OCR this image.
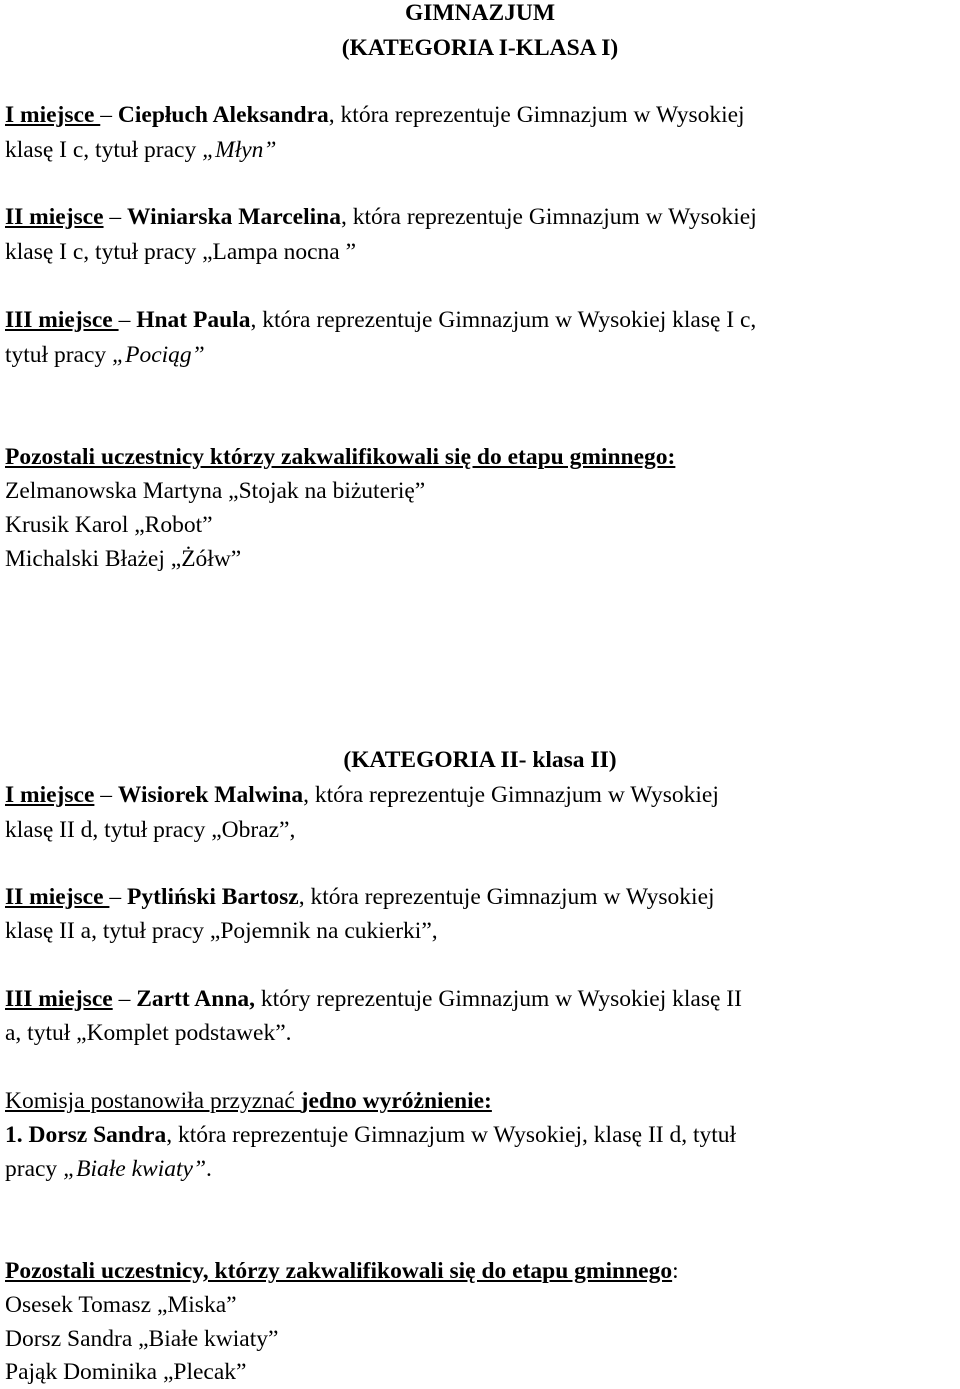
GIMNAZJUM
(KATEGORIA I-KLASA I)
I miejsce – Ciepłuch Aleksandra, która reprezentuje Gimnazjum w Wysokiej
klasę I c, tytuł pracy „Młyn”
II miejsce – Winiarska Marcelina, która reprezentuje Gimnazjum w Wysokiej
klasę I c, tytuł pracy „Lampa nocna ”
III miejsce – Hnat Paula, która reprezentuje Gimnazjum w Wysokiej klasę I c,
tytuł pracy „Pociąg”
Pozostali uczestnicy którzy zakwalifikowali się do etapu gminnego:
Zelmanowska Martyna „Stojak na biżuterię”
Krusik Karol „Robot”
Michalski Błażej „Żółw”
(KATEGORIA II- klasa II)
I miejsce – Wisiorek Malwina, która reprezentuje Gimnazjum w Wysokiej
klasę II d, tytuł pracy „Obraz”,
II miejsce – Pytliński Bartosz, która reprezentuje Gimnazjum w Wysokiej
klasę II a, tytuł pracy „Pojemnik na cukierki”,
III miejsce – Zartt Anna, który reprezentuje Gimnazjum w Wysokiej klasę II
a, tytuł „Komplet podstawek”.
Komisja postanowiła przyznać jedno wyróżnienie:
1. Dorsz Sandra, która reprezentuje Gimnazjum w Wysokiej, klasę II d, tytuł
pracy „Białe kwiaty”.
Pozostali uczestnicy, którzy zakwalifikowali się do etapu gminnego:
Osesek Tomasz „Miska”
Dorsz Sandra „Białe kwiaty”
Pająk Dominika „Plecak”
